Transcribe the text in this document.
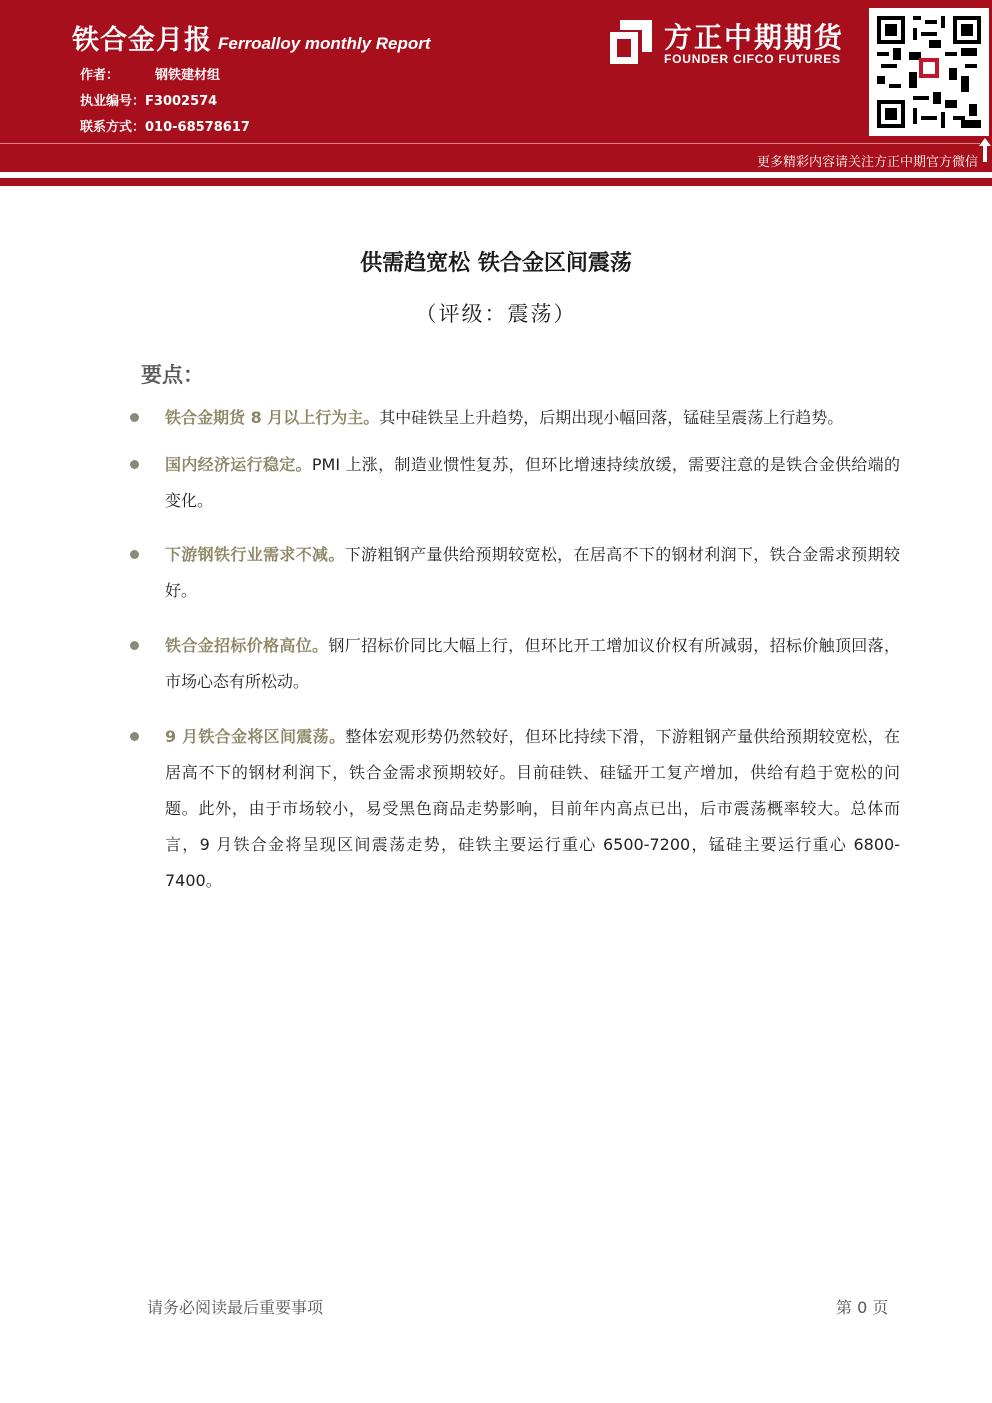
铁合金月报 Ferroalloy monthly Report
作者：	钢铁建材组
执业编号：F3002574
联系方式：010-68578617
方正中期期货
FOUNDER CIFCO FUTURES
更多精彩内容请关注方正中期官方微信
供需趋宽松 铁合金区间震荡
（评级：震荡）
要点：
铁合金期货 8 月以上行为主。其中硅铁呈上升趋势，后期出现小幅回落，锰硅呈震荡上行趋势。
国内经济运行稳定。PMI 上涨，制造业惯性复苏，但环比增速持续放缓，需要注意的是铁合金供给端的变化。
下游钢铁行业需求不减。下游粗钢产量供给预期较宽松，在居高不下的钢材利润下，铁合金需求预期较好。
铁合金招标价格高位。钢厂招标价同比大幅上行，但环比开工增加议价权有所减弱，招标价触顶回落，市场心态有所松动。
9 月铁合金将区间震荡。整体宏观形势仍然较好，但环比持续下滑，下游粗钢产量供给预期较宽松，在居高不下的钢材利润下，铁合金需求预期较好。目前硅铁、硅锰开工复产增加，供给有趋于宽松的问题。此外，由于市场较小，易受黑色商品走势影响，目前年内高点已出，后市震荡概率较大。总体而言，9 月铁合金将呈现区间震荡走势，硅铁主要运行重心 6500-7200，锰硅主要运行重心 6800-7400。
请务必阅读最后重要事项	第 0 页
